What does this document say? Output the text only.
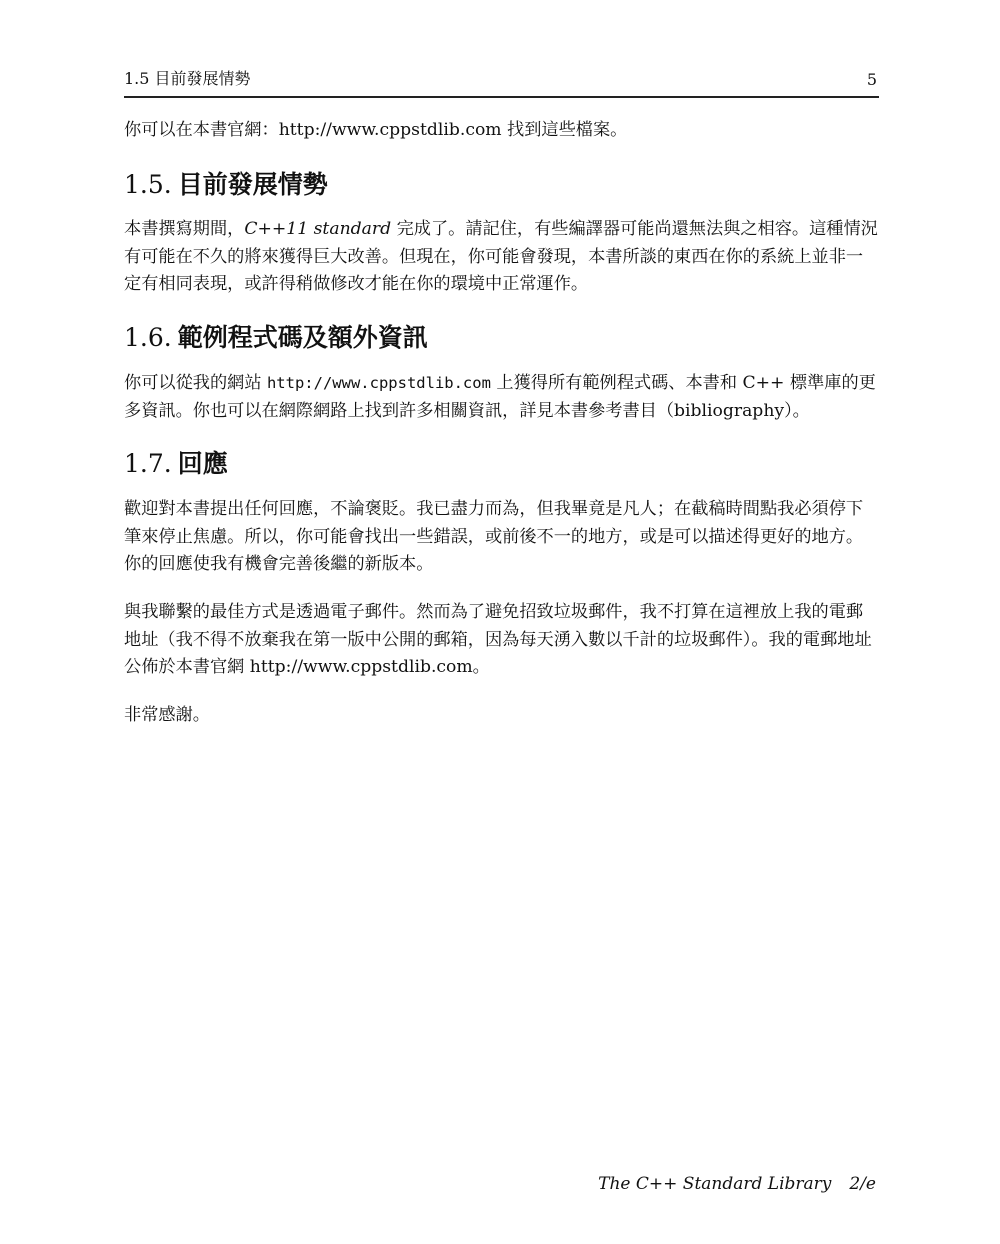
1.5 目前發展情勢	5

你可以在本書官網：http://www.cppstdlib.com 找到這些檔案。

1.5. 目前發展情勢

本書撰寫期間，C++11 standard 完成了。請記住，有些編譯器可能尚還無法與之相容。這種情況有可能在不久的將來獲得巨大改善。但現在，你可能會發現，本書所談的東西在你的系統上並非一定有相同表現，或許得稍做修改才能在你的環境中正常運作。

1.6. 範例程式碼及額外資訊

你可以從我的網站 http://www.cppstdlib.com 上獲得所有範例程式碼、本書和 C++ 標準庫的更多資訊。你也可以在網際網路上找到許多相關資訊，詳見本書參考書目（bibliography）。

1.7. 回應

歡迎對本書提出任何回應，不論褒貶。我已盡力而為，但我畢竟是凡人；在截稿時間點我必須停下筆來停止焦慮。所以，你可能會找出一些錯誤，或前後不一的地方，或是可以描述得更好的地方。你的回應使我有機會完善後繼的新版本。

與我聯繫的最佳方式是透過電子郵件。然而為了避免招致垃圾郵件，我不打算在這裡放上我的電郵地址（我不得不放棄我在第一版中公開的郵箱，因為每天湧入數以千計的垃圾郵件）。我的電郵地址公佈於本書官網 http://www.cppstdlib.com。

非常感謝。

The C++ Standard Library 2/e
